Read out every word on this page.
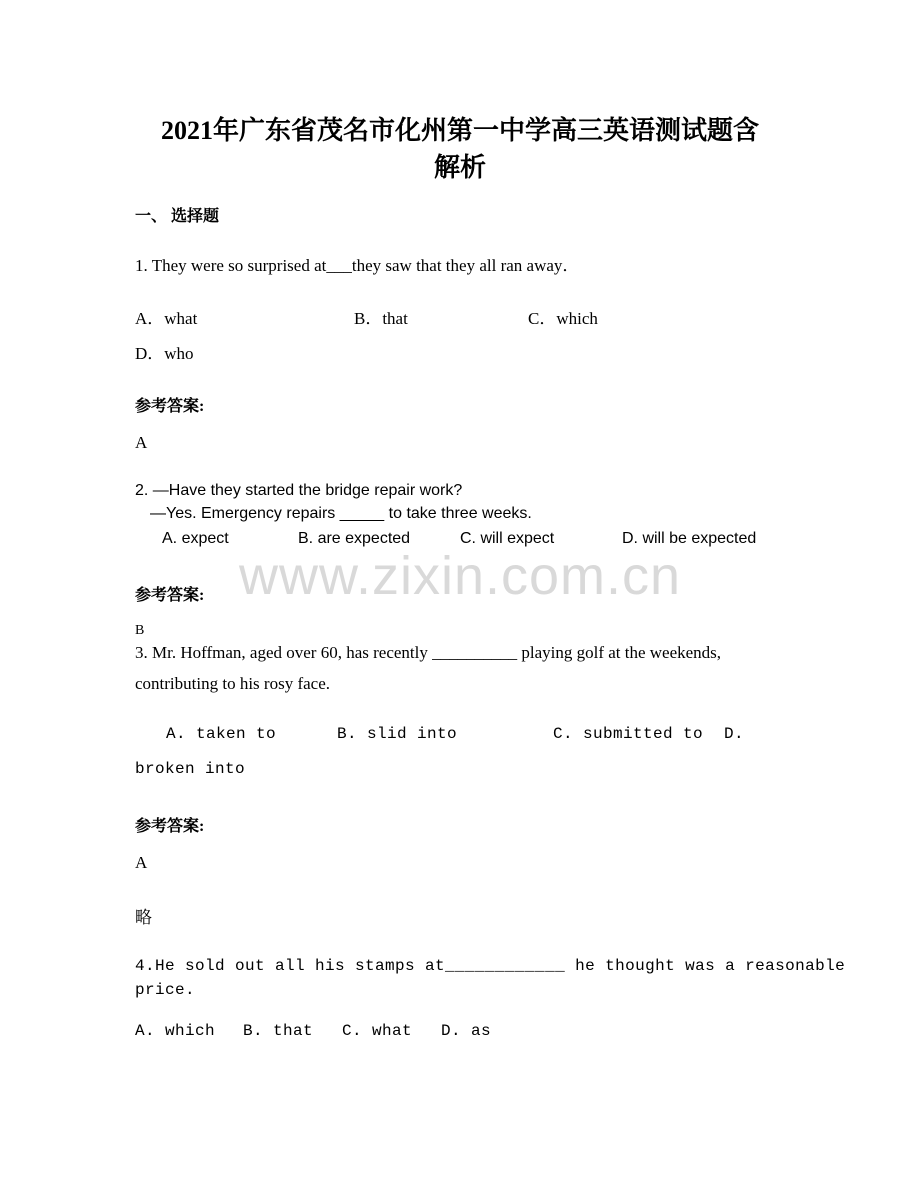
2021年广东省茂名市化州第一中学高三英语测试题含
解析
一、 选择题
1. They were so surprised at___they saw that they all ran away．
A．what	B．that	C．which
D．who
参考答案:
A
2. —Have they started the bridge repair work?
—Yes. Emergency repairs _____ to take three weeks.
A. expect	B. are expected	C. will expect	D. will be expected
www.zixin.com.cn
参考答案:
B
3. Mr. Hoffman, aged over 60, has recently __________ playing golf at the weekends,
contributing to his rosy face.
A. taken to	B. slid into	C. submitted to D.
broken into
参考答案:
A
略
4.He sold out all his stamps at____________ he thought was a reasonable
price.
A. which B. that C. what D. as
